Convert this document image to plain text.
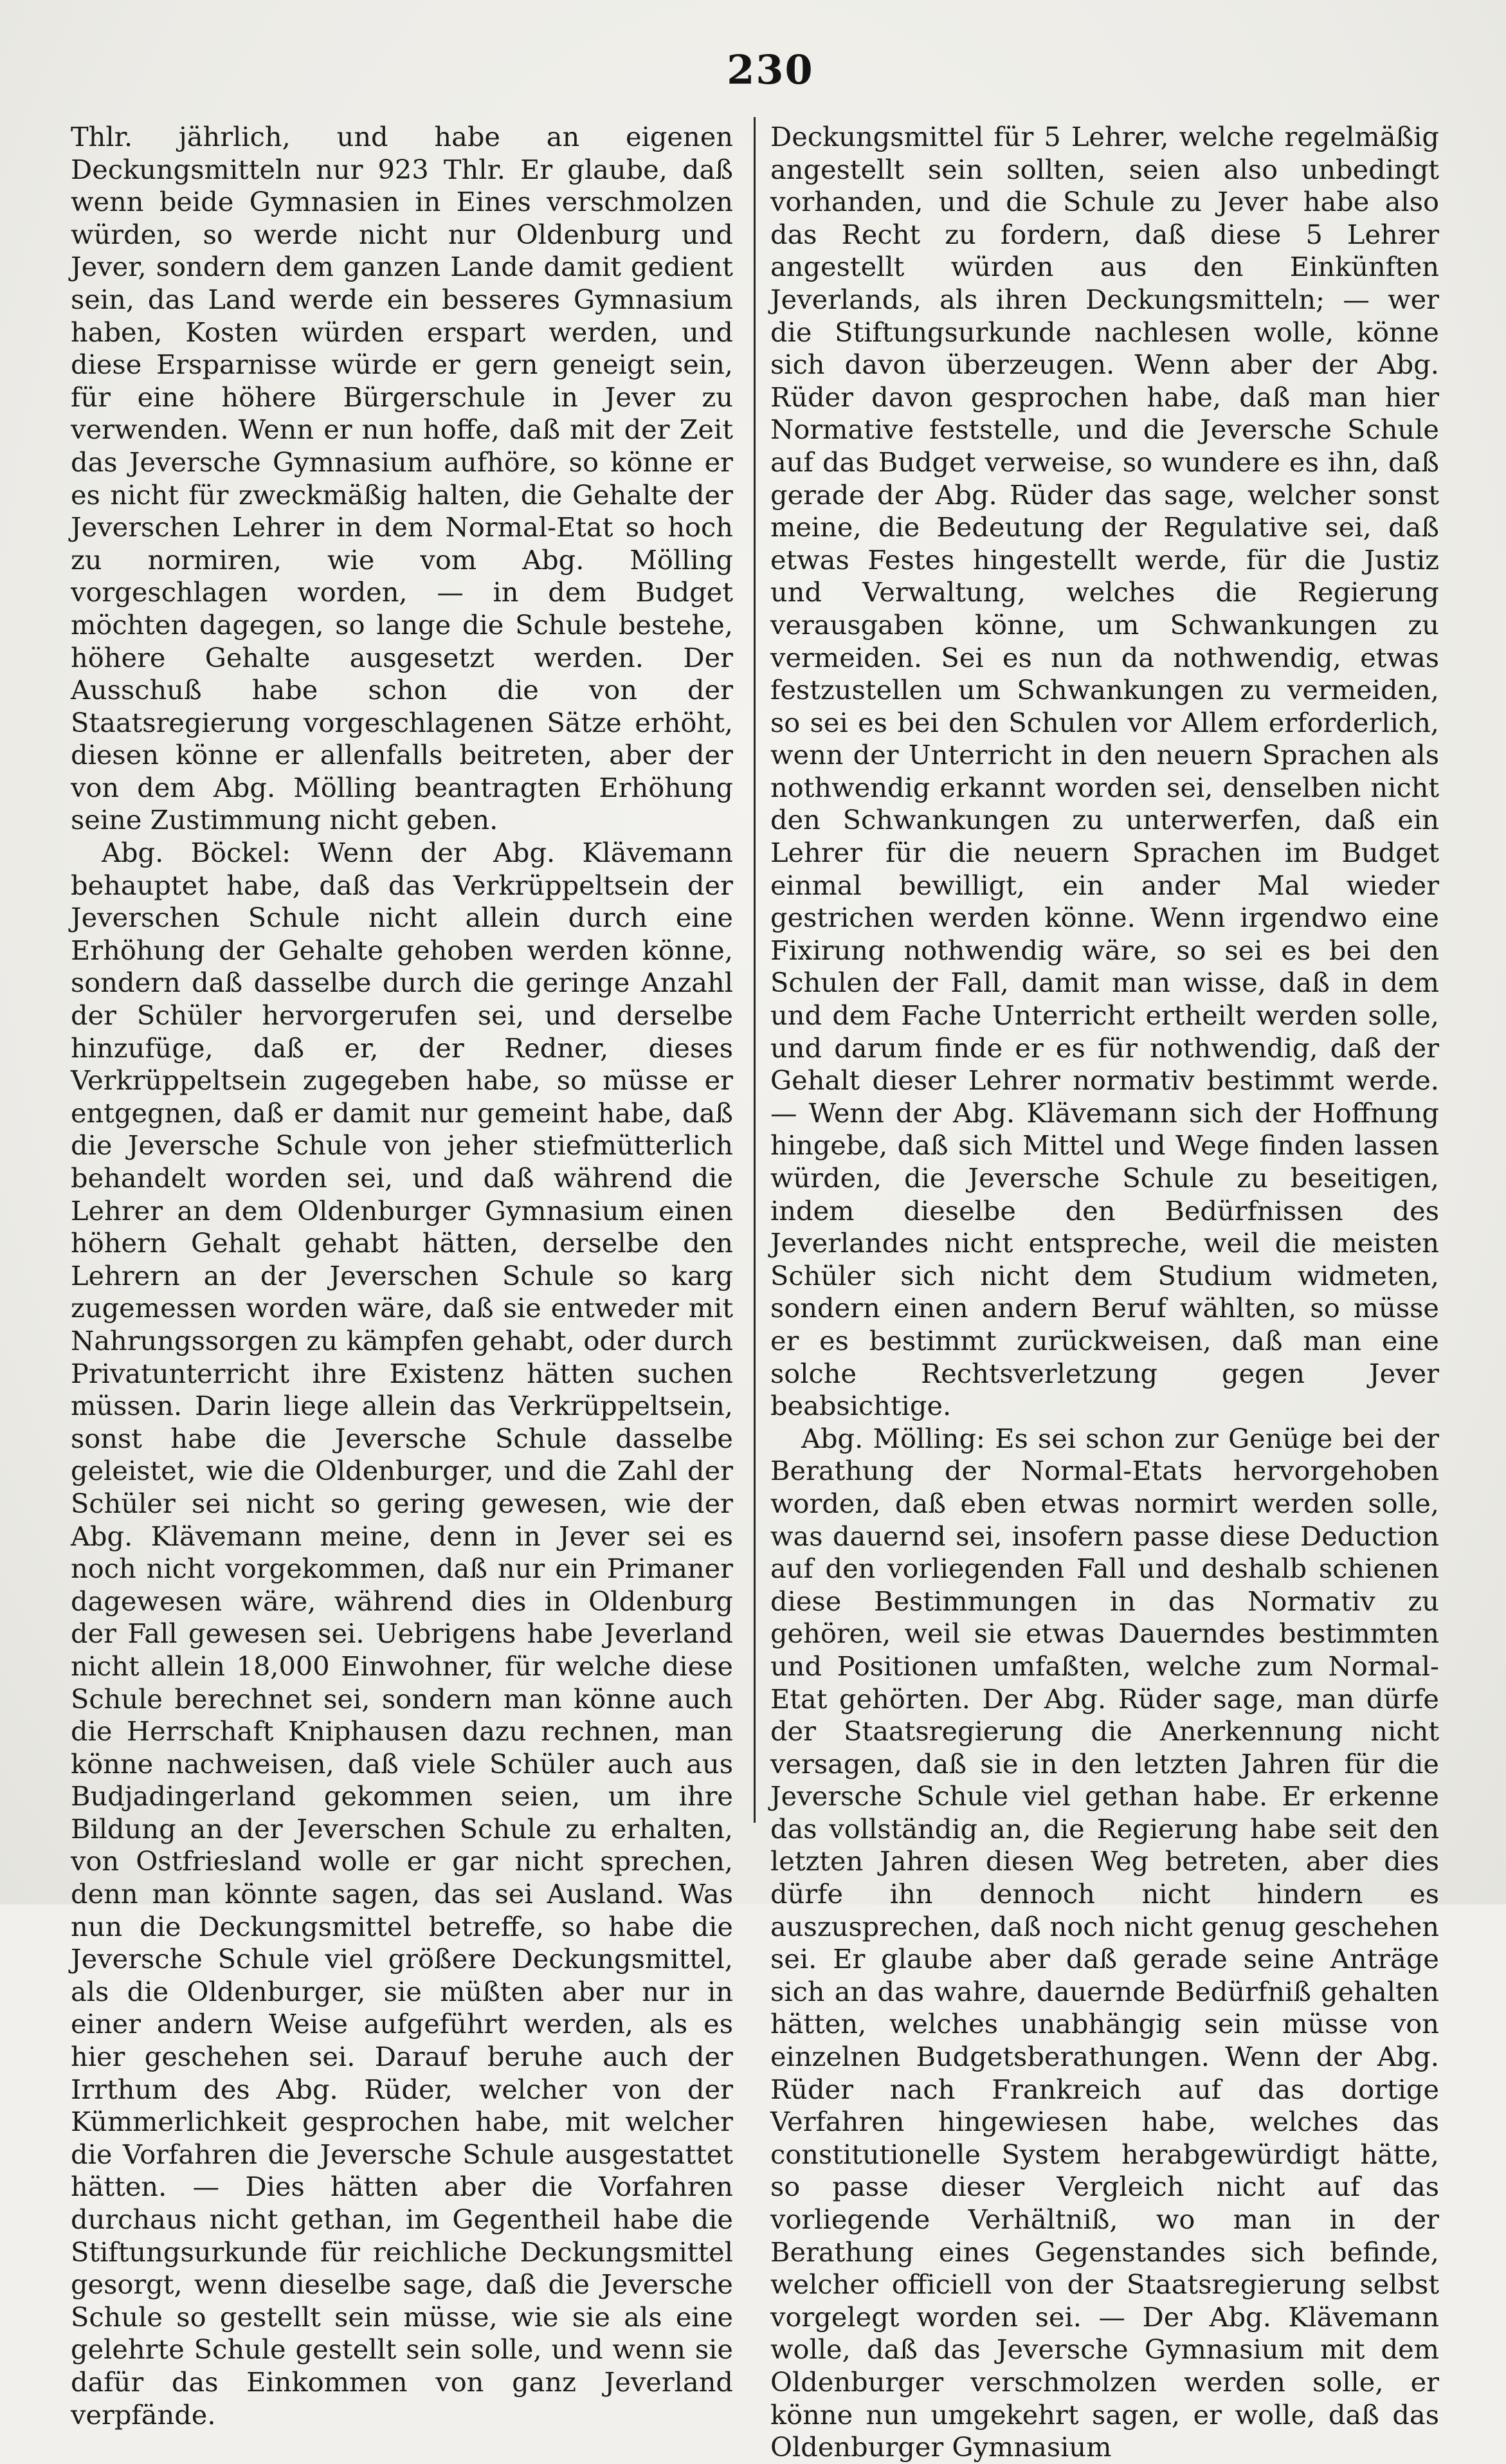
230

Thlr. jährlich, und habe an eigenen Deckungsmitteln nur 923 Thlr. Er glaube, daß wenn beide Gymnasien in Eines verschmolzen würden, so werde nicht nur Oldenburg und Jever, sondern dem ganzen Lande damit gedient sein, das Land werde ein besseres Gymnasium haben, Kosten würden erspart werden, und diese Ersparnisse würde er gern geneigt sein, für eine höhere Bürgerschule in Jever zu verwenden. Wenn er nun hoffe, daß mit der Zeit das Jeversche Gymnasium aufhöre, so könne er es nicht für zweckmäßig halten, die Gehalte der Jeverschen Lehrer in dem Normal-Etat so hoch zu normiren, wie vom Abg. Mölling vorgeschlagen worden, — in dem Budget möchten dagegen, so lange die Schule bestehe, höhere Gehalte ausgesetzt werden. Der Ausschuß habe schon die von der Staatsregierung vorgeschlagenen Sätze erhöht, diesen könne er allenfalls beitreten, aber der von dem Abg. Mölling beantragten Erhöhung seine Zustimmung nicht geben.

Abg. Böckel: Wenn der Abg. Klävemann behauptet habe, daß das Verkrüppeltsein der Jeverschen Schule nicht allein durch eine Erhöhung der Gehalte gehoben werden könne, sondern daß dasselbe durch die geringe Anzahl der Schüler hervorgerufen sei, und derselbe hinzufüge, daß er, der Redner, dieses Verkrüppeltsein zugegeben habe, so müsse er entgegnen, daß er damit nur gemeint habe, daß die Jeversche Schule von jeher stiefmütterlich behandelt worden sei, und daß während die Lehrer an dem Oldenburger Gymnasium einen höhern Gehalt gehabt hätten, derselbe den Lehrern an der Jeverschen Schule so karg zugemessen worden wäre, daß sie entweder mit Nahrungssorgen zu kämpfen gehabt, oder durch Privatunterricht ihre Existenz hätten suchen müssen. Darin liege allein das Verkrüppeltsein, sonst habe die Jeversche Schule dasselbe geleistet, wie die Oldenburger, und die Zahl der Schüler sei nicht so gering gewesen, wie der Abg. Klävemann meine, denn in Jever sei es noch nicht vorgekommen, daß nur ein Primaner dagewesen wäre, während dies in Oldenburg der Fall gewesen sei. Uebrigens habe Jeverland nicht allein 18,000 Einwohner, für welche diese Schule berechnet sei, sondern man könne auch die Herrschaft Kniphausen dazu rechnen, man könne nachweisen, daß viele Schüler auch aus Budjadingerland gekommen seien, um ihre Bildung an der Jeverschen Schule zu erhalten, von Ostfriesland wolle er gar nicht sprechen, denn man könnte sagen, das sei Ausland. Was nun die Deckungsmittel betreffe, so habe die Jeversche Schule viel größere Deckungsmittel, als die Oldenburger, sie müßten aber nur in einer andern Weise aufgeführt werden, als es hier geschehen sei. Darauf beruhe auch der Irrthum des Abg. Rüder, welcher von der Kümmerlichkeit gesprochen habe, mit welcher die Vorfahren die Jeversche Schule ausgestattet hätten. — Dies hätten aber die Vorfahren durchaus nicht gethan, im Gegentheil habe die Stiftungsurkunde für reichliche Deckungsmittel gesorgt, wenn dieselbe sage, daß die Jeversche Schule so gestellt sein müsse, wie sie als eine gelehrte Schule gestellt sein solle, und wenn sie dafür das Einkommen von ganz Jeverland verpfände.

Deckungsmittel für 5 Lehrer, welche regelmäßig angestellt sein sollten, seien also unbedingt vorhanden, und die Schule zu Jever habe also das Recht zu fordern, daß diese 5 Lehrer angestellt würden aus den Einkünften Jeverlands, als ihren Deckungsmitteln; — wer die Stiftungsurkunde nachlesen wolle, könne sich davon überzeugen. Wenn aber der Abg. Rüder davon gesprochen habe, daß man hier Normative feststelle, und die Jeversche Schule auf das Budget verweise, so wundere es ihn, daß gerade der Abg. Rüder das sage, welcher sonst meine, die Bedeutung der Regulative sei, daß etwas Festes hingestellt werde, für die Justiz und Verwaltung, welches die Regierung verausgaben könne, um Schwankungen zu vermeiden. Sei es nun da nothwendig, etwas festzustellen um Schwankungen zu vermeiden, so sei es bei den Schulen vor Allem erforderlich, wenn der Unterricht in den neuern Sprachen als nothwendig erkannt worden sei, denselben nicht den Schwankungen zu unterwerfen, daß ein Lehrer für die neuern Sprachen im Budget einmal bewilligt, ein ander Mal wieder gestrichen werden könne. Wenn irgendwo eine Fixirung nothwendig wäre, so sei es bei den Schulen der Fall, damit man wisse, daß in dem und dem Fache Unterricht ertheilt werden solle, und darum finde er es für nothwendig, daß der Gehalt dieser Lehrer normativ bestimmt werde. — Wenn der Abg. Klävemann sich der Hoffnung hingebe, daß sich Mittel und Wege finden lassen würden, die Jeversche Schule zu beseitigen, indem dieselbe den Bedürfnissen des Jeverlandes nicht entspreche, weil die meisten Schüler sich nicht dem Studium widmeten, sondern einen andern Beruf wählten, so müsse er es bestimmt zurückweisen, daß man eine solche Rechtsverletzung gegen Jever beabsichtige.

Abg. Mölling: Es sei schon zur Genüge bei der Berathung der Normal-Etats hervorgehoben worden, daß eben etwas normirt werden solle, was dauernd sei, insofern passe diese Deduction auf den vorliegenden Fall und deshalb schienen diese Bestimmungen in das Normativ zu gehören, weil sie etwas Dauerndes bestimmten und Positionen umfaßten, welche zum Normal-Etat gehörten. Der Abg. Rüder sage, man dürfe der Staatsregierung die Anerkennung nicht versagen, daß sie in den letzten Jahren für die Jeversche Schule viel gethan habe. Er erkenne das vollständig an, die Regierung habe seit den letzten Jahren diesen Weg betreten, aber dies dürfe ihn dennoch nicht hindern es auszusprechen, daß noch nicht genug geschehen sei. Er glaube aber daß gerade seine Anträge sich an das wahre, dauernde Bedürfniß gehalten hätten, welches unabhängig sein müsse von einzelnen Budgetsberathungen. Wenn der Abg. Rüder nach Frankreich auf das dortige Verfahren hingewiesen habe, welches das constitutionelle System herabgewürdigt hätte, so passe dieser Vergleich nicht auf das vorliegende Verhältniß, wo man in der Berathung eines Gegenstandes sich befinde, welcher officiell von der Staatsregierung selbst vorgelegt worden sei. — Der Abg. Klävemann wolle, daß das Jeversche Gymnasium mit dem Oldenburger verschmolzen werden solle, er könne nun umgekehrt sagen, er wolle, daß das Oldenburger Gymnasium
